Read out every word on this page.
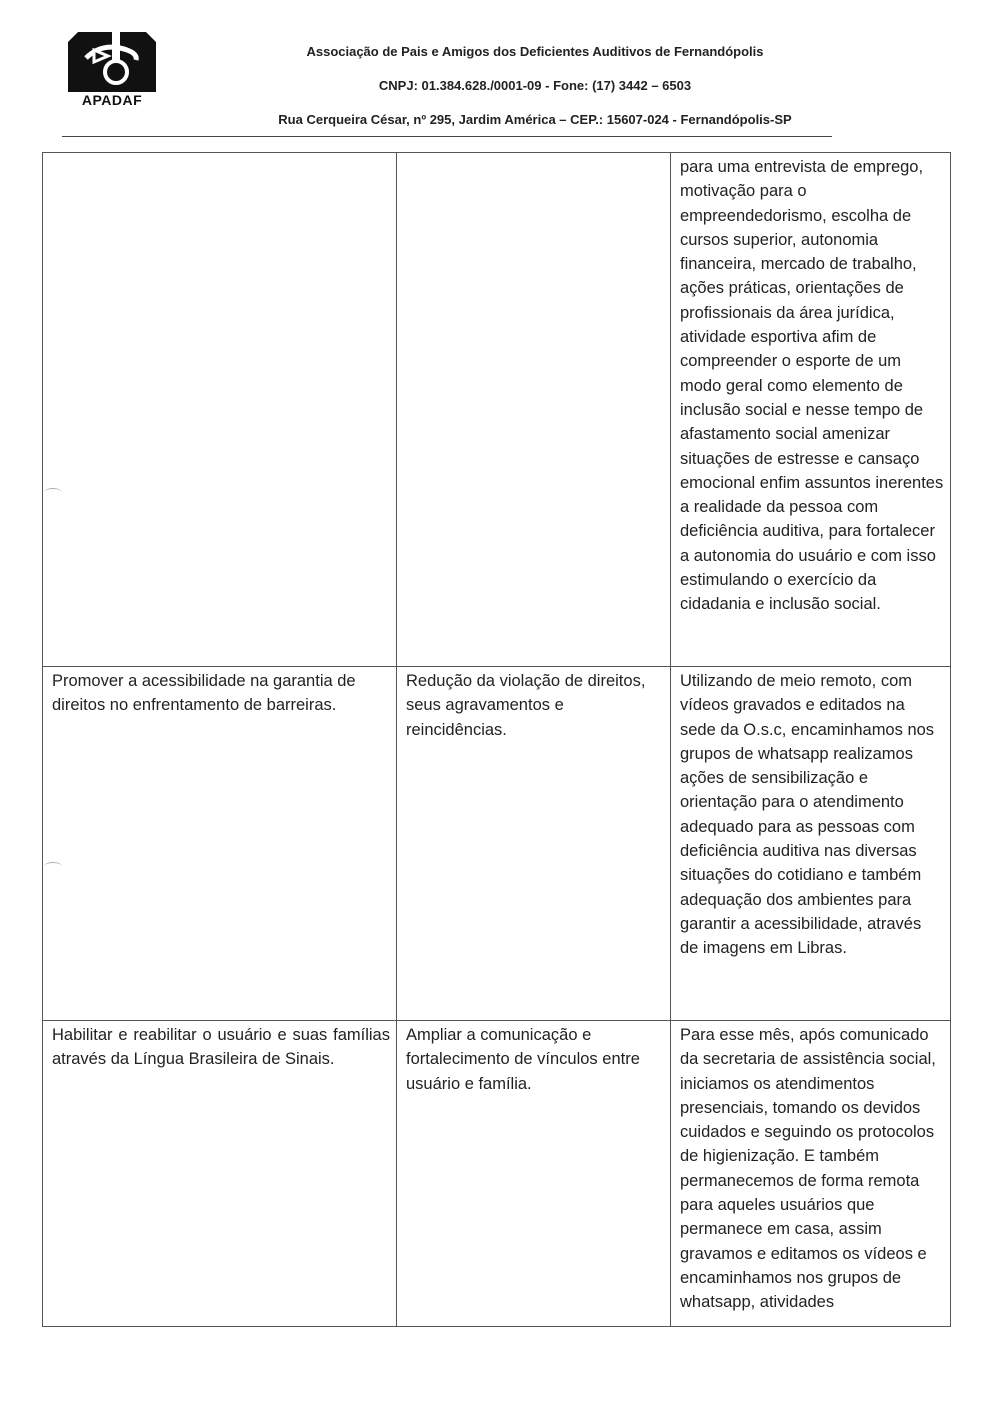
APADAF
Associação de Pais e Amigos dos Deficientes Auditivos de Fernandópolis
CNPJ: 01.384.628./0001-09 - Fone: (17) 3442 – 6503
Rua Cerqueira César, nº 295, Jardim América – CEP.: 15607-024 - Fernandópolis-SP
		para uma entrevista de emprego, motivação para o empreendedorismo, escolha de cursos superior, autonomia financeira, mercado de trabalho, ações práticas, orientações de profissionais da área jurídica, atividade esportiva afim de compreender o esporte de um modo geral como elemento de inclusão social e nesse tempo de afastamento social amenizar situações de estresse e cansaço emocional enfim assuntos inerentes a realidade da pessoa com deficiência auditiva, para fortalecer a autonomia do usuário e com isso estimulando o exercício da cidadania e inclusão social.
Promover a acessibilidade na garantia de direitos no enfrentamento de barreiras.	Redução da violação de direitos, seus agravamentos e reincidências.	Utilizando de meio remoto, com vídeos gravados e editados na sede da O.s.c, encaminhamos nos grupos de whatsapp realizamos ações de sensibilização e orientação para o atendimento adequado para as pessoas com deficiência auditiva nas diversas situações do cotidiano e também adequação dos ambientes para garantir a acessibilidade, através de imagens em Libras.
Habilitar e reabilitar o usuário e suas famílias através da Língua Brasileira de Sinais.	Ampliar a comunicação e fortalecimento de vínculos entre usuário e família.	Para esse mês, após comunicado da secretaria de assistência social, iniciamos os atendimentos presenciais, tomando os devidos cuidados e seguindo os protocolos de higienização. E também permanecemos de forma remota para aqueles usuários que permanece em casa, assim gravamos e editamos os vídeos e encaminhamos nos grupos de whatsapp, atividades
